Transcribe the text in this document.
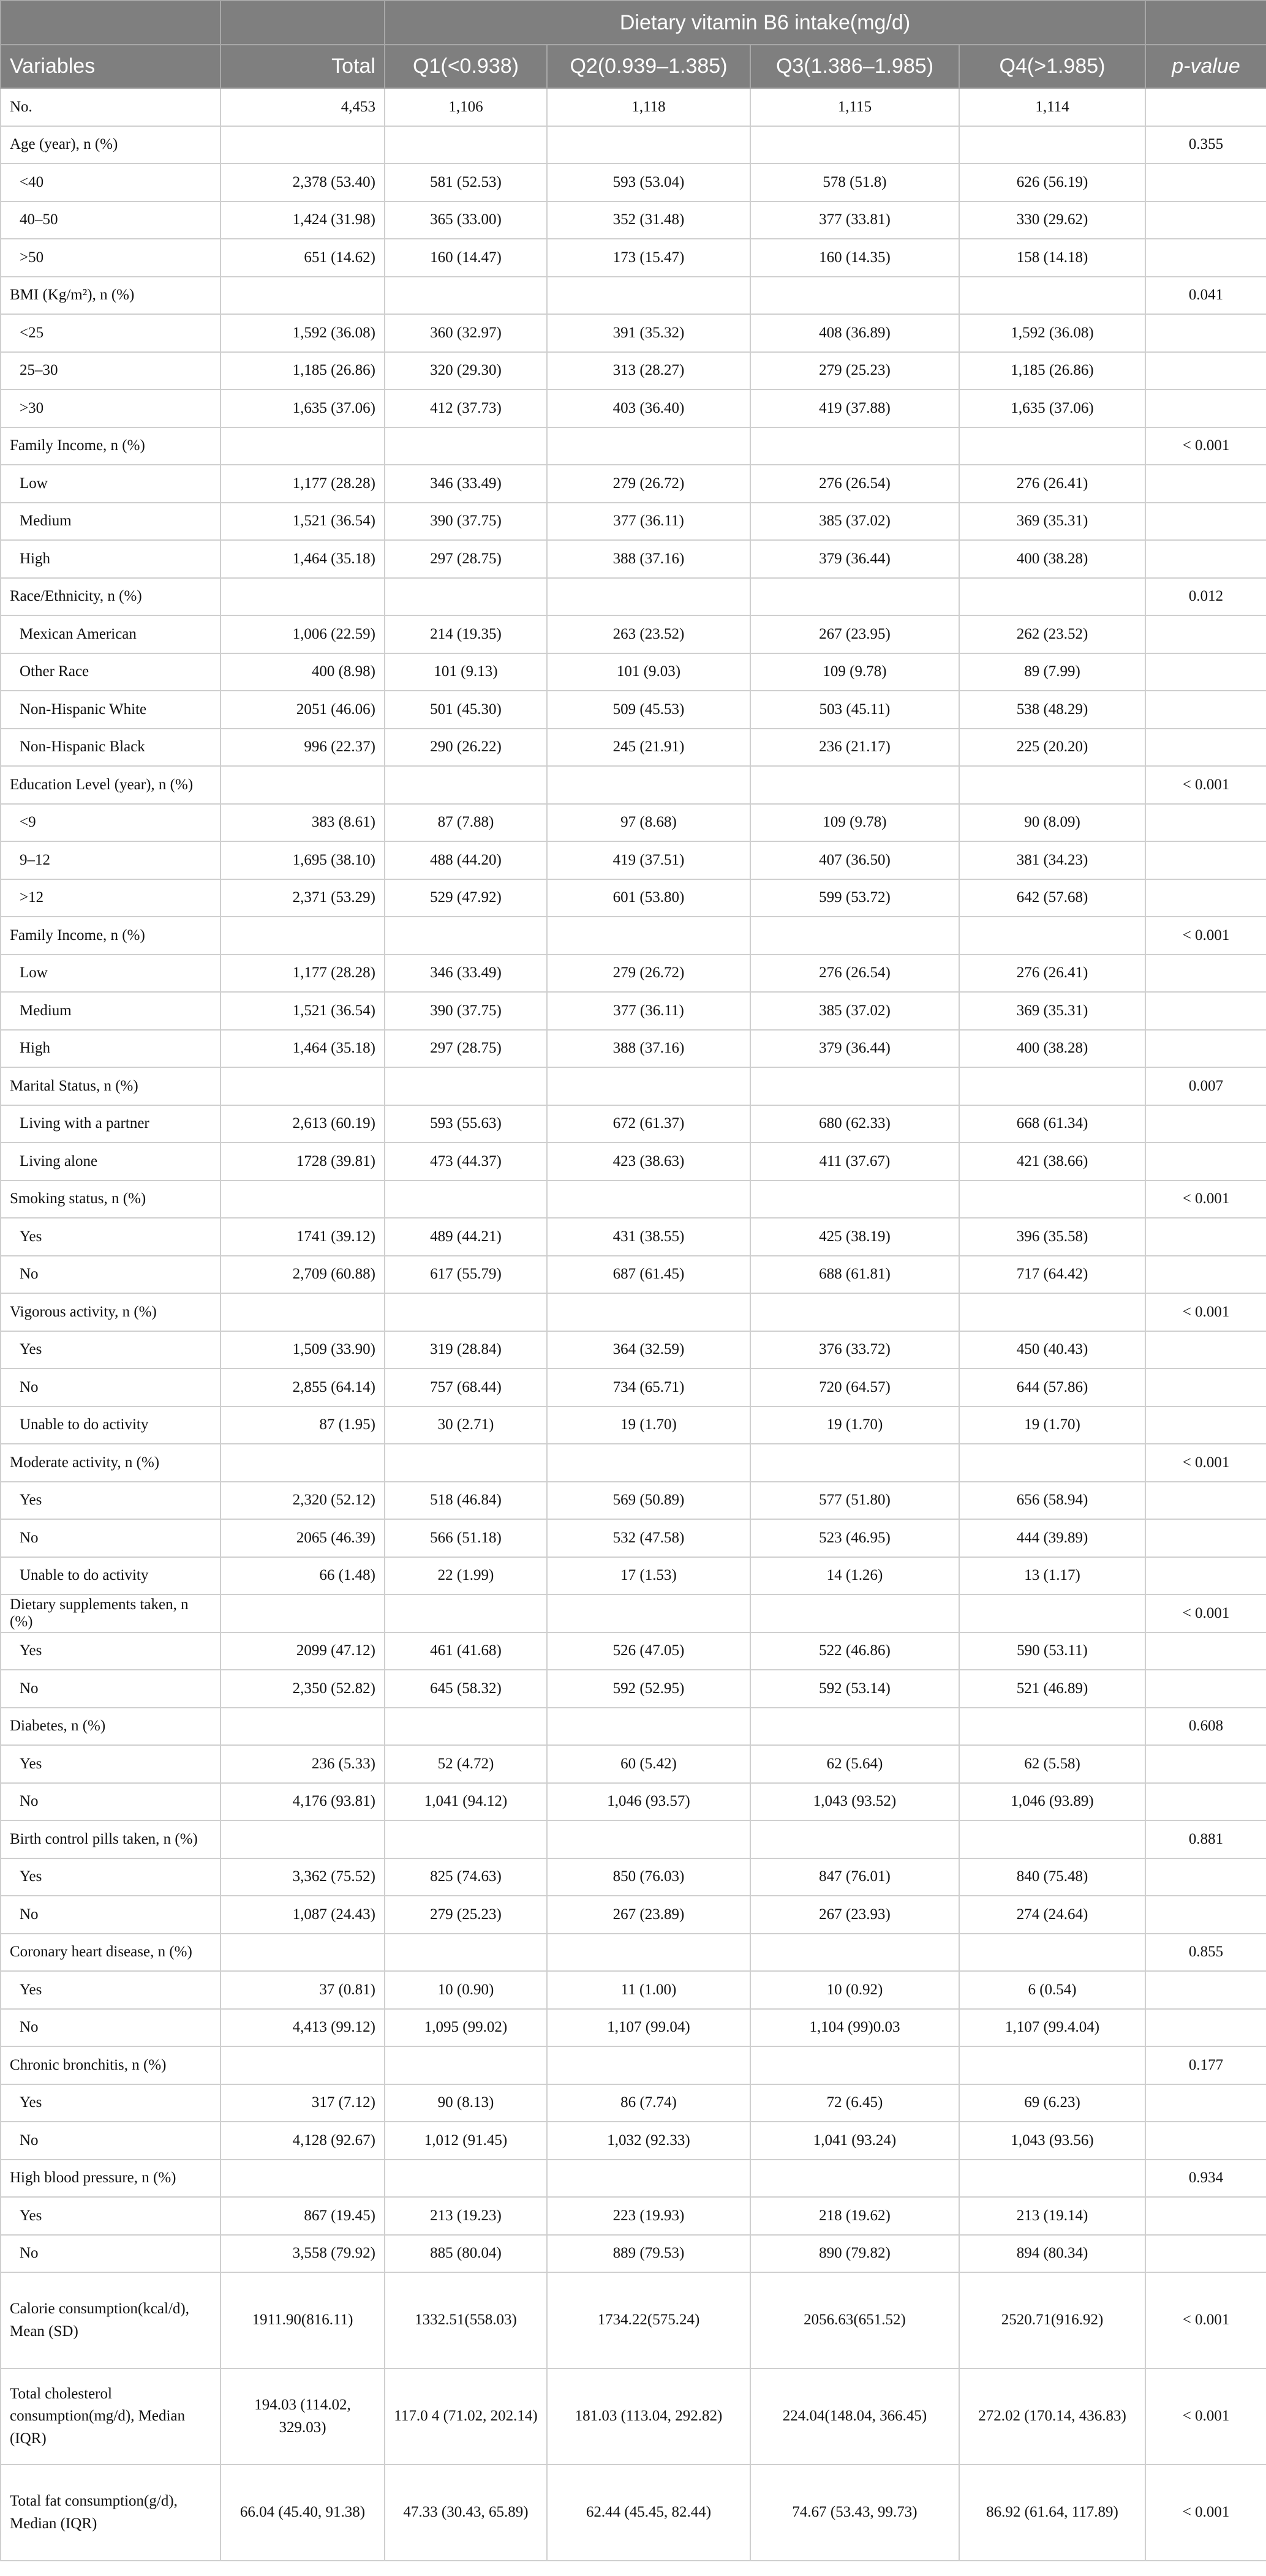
		Dietary vitamin B6 intake(mg/d)				
Variables	Total	Q1(<0.938)	Q2(0.939–1.385)	Q3(1.386–1.985)	Q4(>1.985)	p-value
No.	4,453	1,106	1,118	1,115	1,114	
Age (year), n (%)						0.355
<40	2,378 (53.40)	581 (52.53)	593 (53.04)	578 (51.8)	626 (56.19)	
40–50	1,424 (31.98)	365 (33.00)	352 (31.48)	377 (33.81)	330 (29.62)	
>50	651 (14.62)	160 (14.47)	173 (15.47)	160 (14.35)	158 (14.18)	
BMI (Kg/m²), n (%)						0.041
<25	1,592 (36.08)	360 (32.97)	391 (35.32)	408 (36.89)	1,592 (36.08)	
25–30	1,185 (26.86)	320 (29.30)	313 (28.27)	279 (25.23)	1,185 (26.86)	
>30	1,635 (37.06)	412 (37.73)	403 (36.40)	419 (37.88)	1,635 (37.06)	
Family Income, n (%)						< 0.001
Low	1,177 (28.28)	346 (33.49)	279 (26.72)	276 (26.54)	276 (26.41)	
Medium	1,521 (36.54)	390 (37.75)	377 (36.11)	385 (37.02)	369 (35.31)	
High	1,464 (35.18)	297 (28.75)	388 (37.16)	379 (36.44)	400 (38.28)	
Race/Ethnicity, n (%)						0.012
Mexican American	1,006 (22.59)	214 (19.35)	263 (23.52)	267 (23.95)	262 (23.52)	
Other Race	400 (8.98)	101 (9.13)	101 (9.03)	109 (9.78)	89 (7.99)	
Non-Hispanic White	2051 (46.06)	501 (45.30)	509 (45.53)	503 (45.11)	538 (48.29)	
Non-Hispanic Black	996 (22.37)	290 (26.22)	245 (21.91)	236 (21.17)	225 (20.20)	
Education Level (year), n (%)						< 0.001
<9	383 (8.61)	87 (7.88)	97 (8.68)	109 (9.78)	90 (8.09)	
9–12	1,695 (38.10)	488 (44.20)	419 (37.51)	407 (36.50)	381 (34.23)	
>12	2,371 (53.29)	529 (47.92)	601 (53.80)	599 (53.72)	642 (57.68)	
Family Income, n (%)						< 0.001
Low	1,177 (28.28)	346 (33.49)	279 (26.72)	276 (26.54)	276 (26.41)	
Medium	1,521 (36.54)	390 (37.75)	377 (36.11)	385 (37.02)	369 (35.31)	
High	1,464 (35.18)	297 (28.75)	388 (37.16)	379 (36.44)	400 (38.28)	
Marital Status, n (%)						0.007
Living with a partner	2,613 (60.19)	593 (55.63)	672 (61.37)	680 (62.33)	668 (61.34)	
Living alone	1728 (39.81)	473 (44.37)	423 (38.63)	411 (37.67)	421 (38.66)	
Smoking status, n (%)						< 0.001
Yes	1741 (39.12)	489 (44.21)	431 (38.55)	425 (38.19)	396 (35.58)	
No	2,709 (60.88)	617 (55.79)	687 (61.45)	688 (61.81)	717 (64.42)	
Vigorous activity, n (%)						< 0.001
Yes	1,509 (33.90)	319 (28.84)	364 (32.59)	376 (33.72)	450 (40.43)	
No	2,855 (64.14)	757 (68.44)	734 (65.71)	720 (64.57)	644 (57.86)	
Unable to do activity	87 (1.95)	30 (2.71)	19 (1.70)	19 (1.70)	19 (1.70)	
Moderate activity, n (%)						< 0.001
Yes	2,320 (52.12)	518 (46.84)	569 (50.89)	577 (51.80)	656 (58.94)	
No	2065 (46.39)	566 (51.18)	532 (47.58)	523 (46.95)	444 (39.89)	
Unable to do activity	66 (1.48)	22 (1.99)	17 (1.53)	14 (1.26)	13 (1.17)	
Dietary supplements taken, n (%)						< 0.001
Yes	2099 (47.12)	461 (41.68)	526 (47.05)	522 (46.86)	590 (53.11)	
No	2,350 (52.82)	645 (58.32)	592 (52.95)	592 (53.14)	521 (46.89)	
Diabetes, n (%)						0.608
Yes	236 (5.33)	52 (4.72)	60 (5.42)	62 (5.64)	62 (5.58)	
No	4,176 (93.81)	1,041 (94.12)	1,046 (93.57)	1,043 (93.52)	1,046 (93.89)	
Birth control pills taken, n (%)						0.881
Yes	3,362 (75.52)	825 (74.63)	850 (76.03)	847 (76.01)	840 (75.48)	
No	1,087 (24.43)	279 (25.23)	267 (23.89)	267 (23.93)	274 (24.64)	
Coronary heart disease, n (%)						0.855
Yes	37 (0.81)	10 (0.90)	11 (1.00)	10 (0.92)	6 (0.54)	
No	4,413 (99.12)	1,095 (99.02)	1,107 (99.04)	1,104 (99)0.03	1,107 (99.4.04)	
Chronic bronchitis, n (%)						0.177
Yes	317 (7.12)	90 (8.13)	86 (7.74)	72 (6.45)	69 (6.23)	
No	4,128 (92.67)	1,012 (91.45)	1,032 (92.33)	1,041 (93.24)	1,043 (93.56)	
High blood pressure, n (%)						0.934
Yes	867 (19.45)	213 (19.23)	223 (19.93)	218 (19.62)	213 (19.14)	
No	3,558 (79.92)	885 (80.04)	889 (79.53)	890 (79.82)	894 (80.34)	
Calorie consumption(kcal/d), Mean (SD)	1911.90(816.11)	1332.51(558.03)	1734.22(575.24)	2056.63(651.52)	2520.71(916.92)	< 0.001
Total cholesterol consumption(mg/d), Median (IQR)	194.03 (114.02, 329.03)	117.0 4 (71.02, 202.14)	181.03 (113.04, 292.82)	224.04(148.04, 366.45)	272.02 (170.14, 436.83)	< 0.001
Total fat consumption(g/d), Median (IQR)	66.04 (45.40, 91.38)	47.33 (30.43, 65.89)	62.44 (45.45, 82.44)	74.67 (53.43, 99.73)	86.92 (61.64, 117.89)	< 0.001
